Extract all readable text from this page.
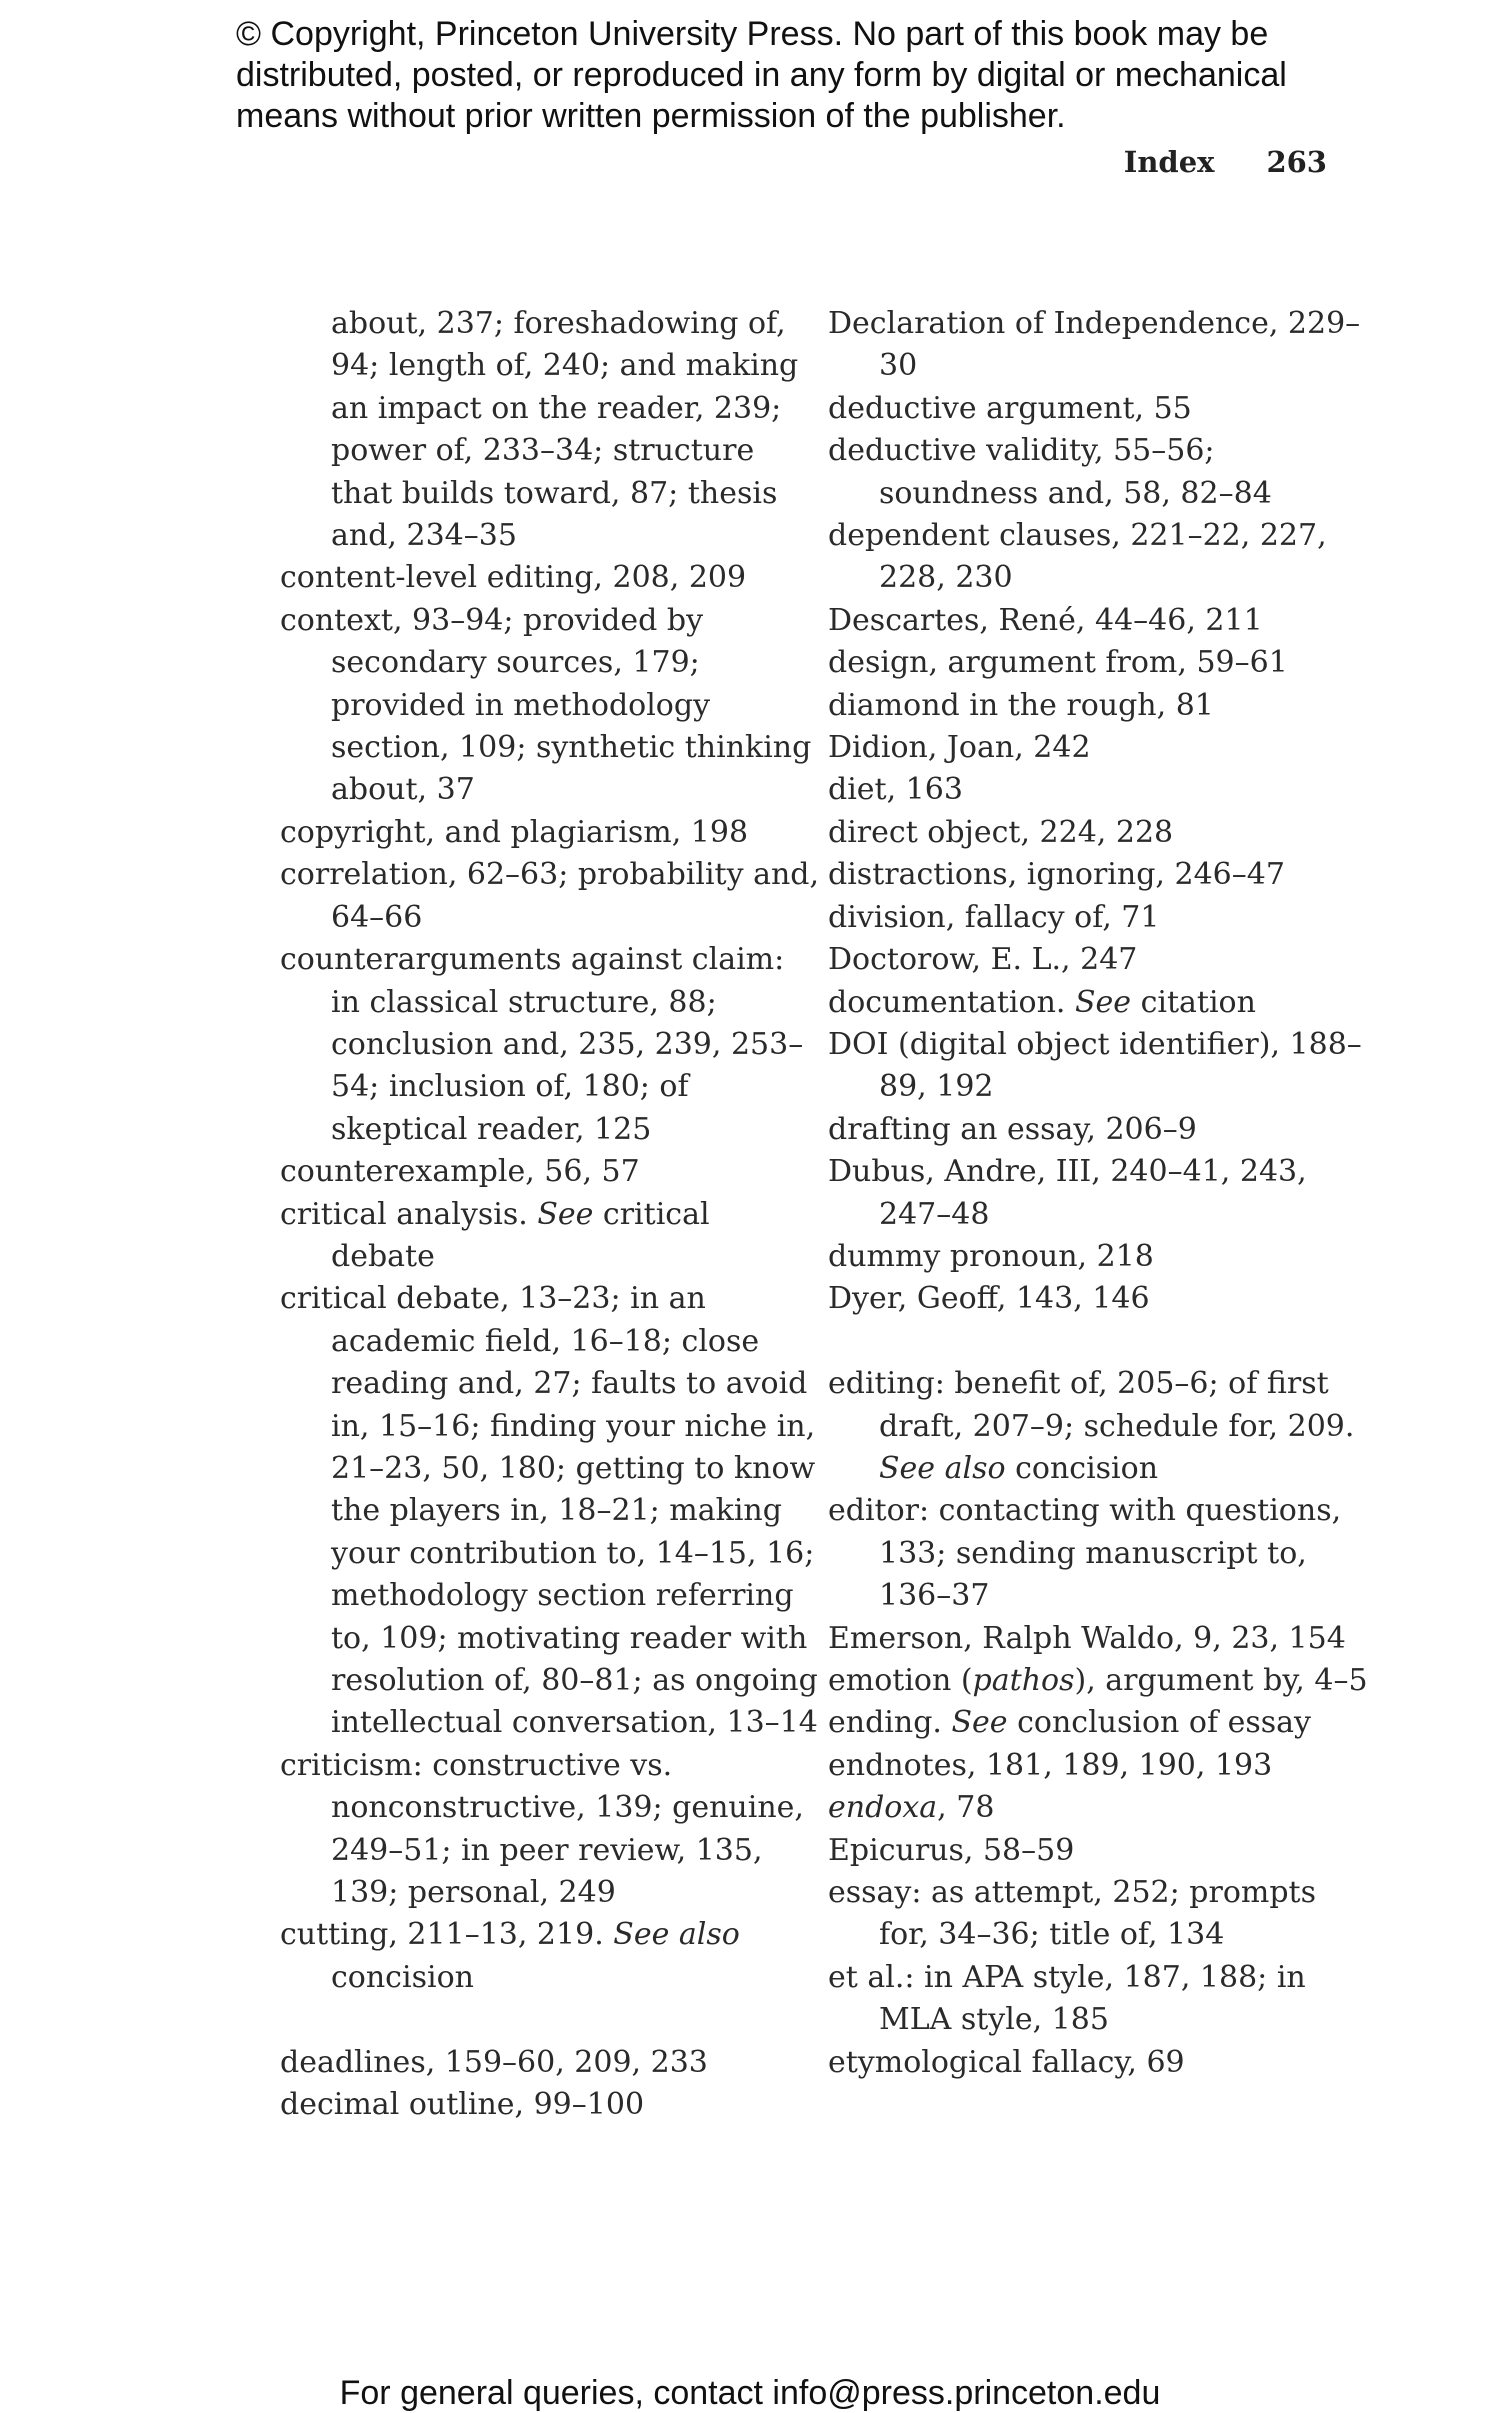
© Copyright, Princeton University Press. No part of this book may be distributed, posted, or reproduced in any form by digital or mechanical means without prior written permission of the publisher.
Index 263

about, 237; foreshadowing of, 94; length of, 240; and making an impact on the reader, 239; power of, 233–34; structure that builds toward, 87; thesis and, 234–35

content-level editing, 208, 209

context, 93–94; provided by secondary sources, 179; provided in methodology section, 109; synthetic thinking about, 37

copyright, and plagiarism, 198

correlation, 62–63; probability and, 64–66

counterarguments against claim: in classical structure, 88; conclusion and, 235, 239, 253–54; inclusion of, 180; of skeptical reader, 125

counterexample, 56, 57

critical analysis. See critical debate

critical debate, 13–23; in an academic field, 16–18; close reading and, 27; faults to avoid in, 15–16; finding your niche in, 21–23, 50, 180; getting to know the players in, 18–21; making your contribution to, 14–15, 16; methodology section referring to, 109; motivating reader with resolution of, 80–81; as ongoing intellectual conversation, 13–14

criticism: constructive vs. nonconstructive, 139; genuine, 249–51; in peer review, 135, 139; personal, 249

cutting, 211–13, 219. See also concision

deadlines, 159–60, 209, 233

decimal outline, 99–100

Declaration of Independence, 229–30

deductive argument, 55

deductive validity, 55–56; soundness and, 58, 82–84

dependent clauses, 221–22, 227, 228, 230

Descartes, René, 44–46, 211

design, argument from, 59–61

diamond in the rough, 81

Didion, Joan, 242

diet, 163

direct object, 224, 228

distractions, ignoring, 246–47

division, fallacy of, 71

Doctorow, E. L., 247

documentation. See citation

DOI (digital object identifier), 188–89, 192

drafting an essay, 206–9

Dubus, Andre, III, 240–41, 243, 247–48

dummy pronoun, 218

Dyer, Geoff, 143, 146

editing: benefit of, 205–6; of first draft, 207–9; schedule for, 209. See also concision

editor: contacting with questions, 133; sending manuscript to, 136–37

Emerson, Ralph Waldo, 9, 23, 154

emotion (pathos), argument by, 4–5

ending. See conclusion of essay

endnotes, 181, 189, 190, 193

endoxa, 78

Epicurus, 58–59

essay: as attempt, 252; prompts for, 34–36; title of, 134

et al.: in APA style, 187, 188; in MLA style, 185

etymological fallacy, 69

For general queries, contact info@press.princeton.edu
